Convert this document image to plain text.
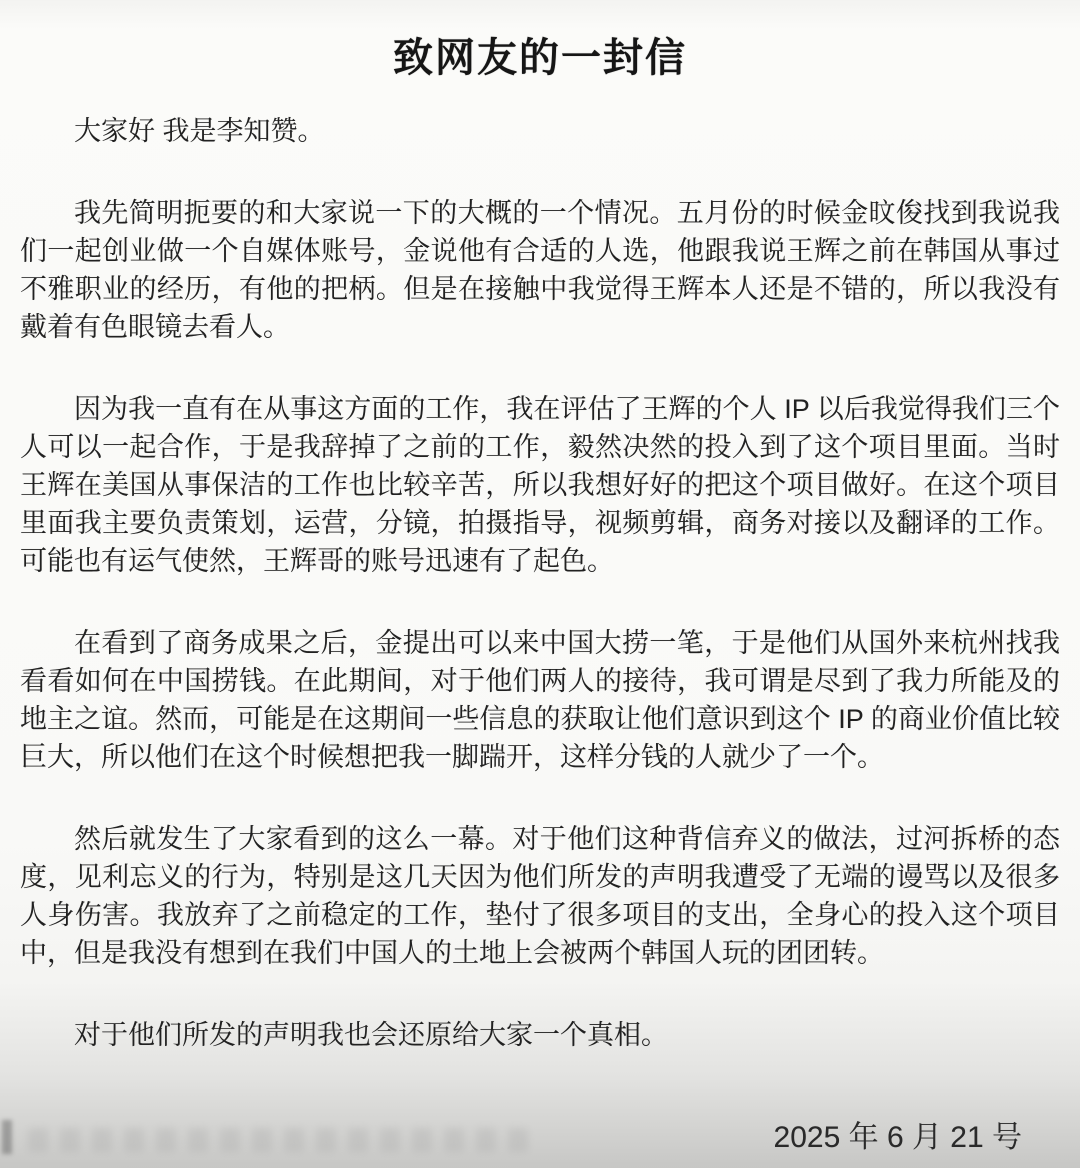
致网友的一封信

大家好 我是李知赞。

我先简明扼要的和大家说一下的大概的一个情况。五月份的时候金旼俊找到我说我们一起创业做一个自媒体账号，金说他有合适的人选，他跟我说王辉之前在韩国从事过不雅职业的经历，有他的把柄。但是在接触中我觉得王辉本人还是不错的，所以我没有戴着有色眼镜去看人。

因为我一直有在从事这方面的工作，我在评估了王辉的个人 IP 以后我觉得我们三个人可以一起合作，于是我辞掉了之前的工作，毅然决然的投入到了这个项目里面。当时王辉在美国从事保洁的工作也比较辛苦，所以我想好好的把这个项目做好。在这个项目里面我主要负责策划，运营，分镜，拍摄指导，视频剪辑，商务对接以及翻译的工作。可能也有运气使然，王辉哥的账号迅速有了起色。

在看到了商务成果之后，金提出可以来中国大捞一笔，于是他们从国外来杭州找我看看如何在中国捞钱。在此期间，对于他们两人的接待，我可谓是尽到了我力所能及的地主之谊。然而，可能是在这期间一些信息的获取让他们意识到这个 IP 的商业价值比较巨大，所以他们在这个时候想把我一脚踹开，这样分钱的人就少了一个。

然后就发生了大家看到的这么一幕。对于他们这种背信弃义的做法，过河拆桥的态度，见利忘义的行为，特别是这几天因为他们所发的声明我遭受了无端的谩骂以及很多人身伤害。我放弃了之前稳定的工作，垫付了很多项目的支出，全身心的投入这个项目中，但是我没有想到在我们中国人的土地上会被两个韩国人玩的团团转。

对于他们所发的声明我也会还原给大家一个真相。

2025 年 6 月 21 号
